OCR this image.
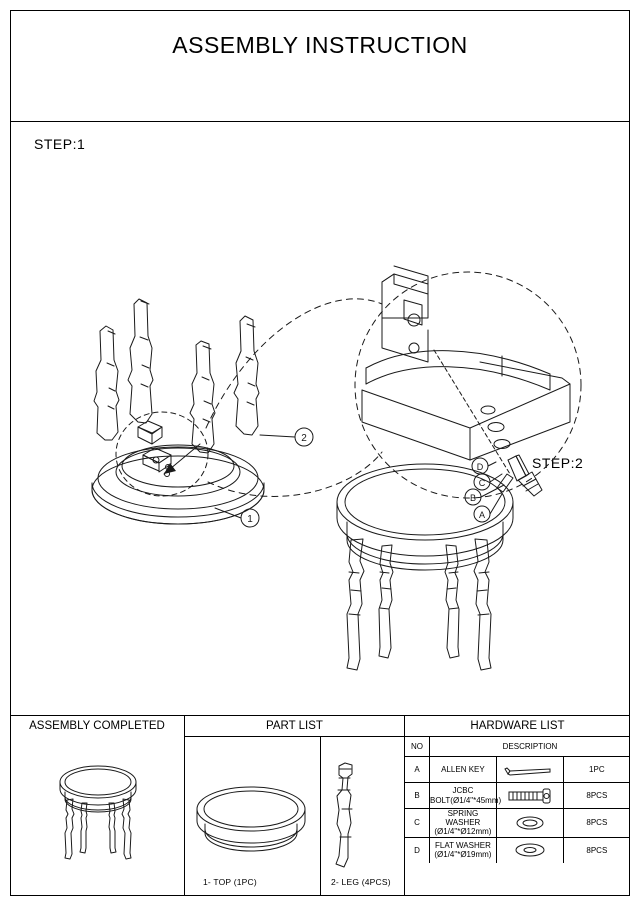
ASSEMBLY INSTRUCTION
STEP:1
STEP:2
1
2
D
C
B
A
ASSEMBLY COMPLETED	PART LIST
1- TOP (1PC)	2- LEG (4PCS)
HARDWARE LIST
NO	DESCRIPTION		
A	ALLEN KEY		1PC
B	JCBC BOLT(Ø1/4"*45mm)		8PCS
C	SPRING WASHER
(Ø1/4"*Ø12mm)		8PCS
D	FLAT WASHER
(Ø1/4"*Ø19mm)		8PCS
